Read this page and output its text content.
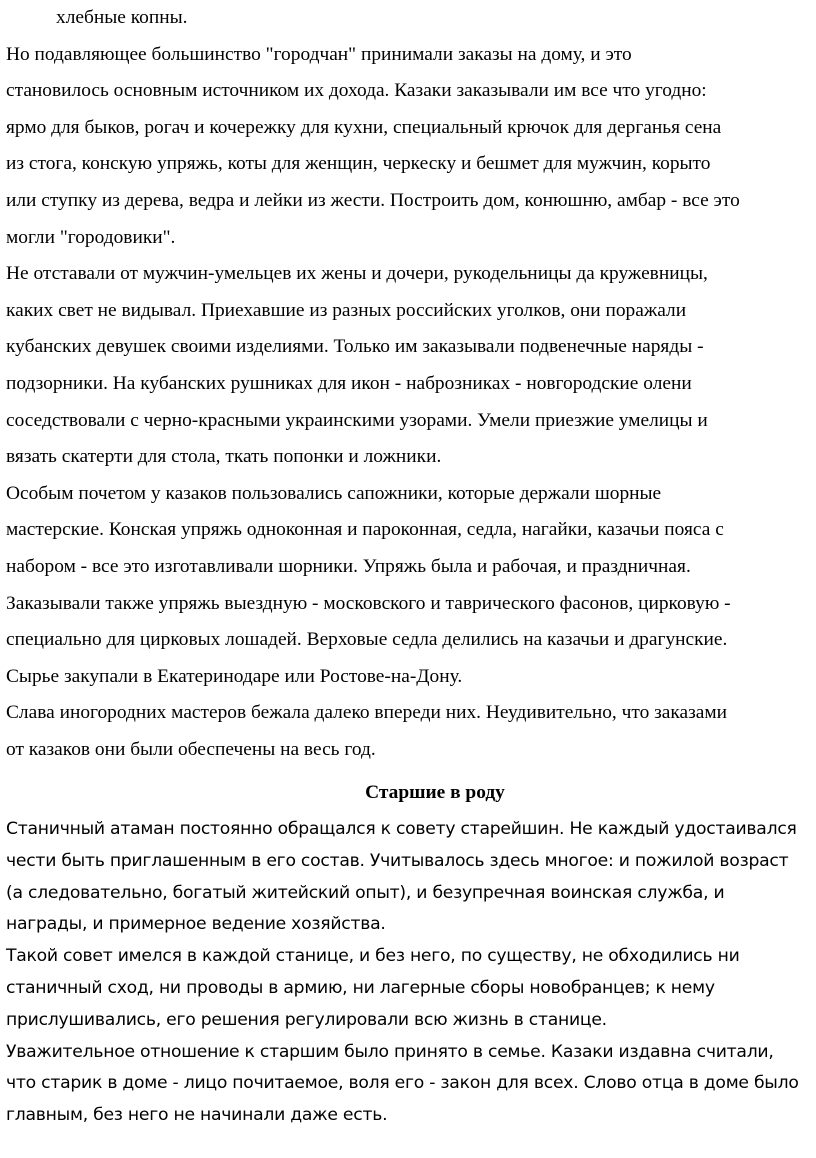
хлебные копны.

Но подавляющее большинство "городчан" принимали заказы на дому, и это

становилось основным источником их дохода. Казаки заказывали им все что угодно:

ярмо для быков, рогач и кочережку для кухни, специальный крючок для дерганья сена

из стога, конскую упряжь, коты для женщин, черкеску и бешмет для мужчин, корыто

или ступку из дерева, ведра и лейки из жести. Построить дом, конюшню, амбар - все это

могли "городовики".

Не отставали от мужчин-умельцев их жены и дочери, рукодельницы да кружевницы,

каких свет не видывал. Приехавшие из разных российских уголков, они поражали

кубанских девушек своими изделиями. Только им заказывали подвенечные наряды -

подзорники. На кубанских рушниках для икон - наброзниках - новгородские олени

соседствовали с черно-красными украинскими узорами. Умели приезжие умелицы и

вязать скатерти для стола, ткать попонки и ложники.

Особым почетом у казаков пользовались сапожники, которые держали шорные

мастерские. Конская упряжь одноконная и пароконная, седла, нагайки, казачьи пояса с

набором - все это изготавливали шорники. Упряжь была и рабочая, и праздничная.

Заказывали также упряжь выездную - московского и таврического фасонов, цирковую -

специально для цирковых лошадей. Верховые седла делились на казачьи и драгунские.

Сырье закупали в Екатеринодаре или Ростове-на-Дону.

Слава иногородних мастеров бежала далеко впереди них. Неудивительно, что заказами

от казаков они были обеспечены на весь год.

Старшие в роду

Станичный атаман постоянно обращался к совету старейшин. Не каждый удостаивался

чести быть приглашенным в его состав. Учитывалось здесь многое: и пожилой возраст

(а следовательно, богатый житейский опыт), и безупречная воинская служба, и

награды, и примерное ведение хозяйства.

Такой совет имелся в каждой станице, и без него, по существу, не обходились ни

станичный сход, ни проводы в армию, ни лагерные сборы новобранцев; к нему

прислушивались, его решения регулировали всю жизнь в станице.

Уважительное отношение к старшим было принято в семье. Казаки издавна считали,

что старик в доме - лицо почитаемое, воля его - закон для всех. Слово отца в доме было

главным, без него не начинали даже есть.
